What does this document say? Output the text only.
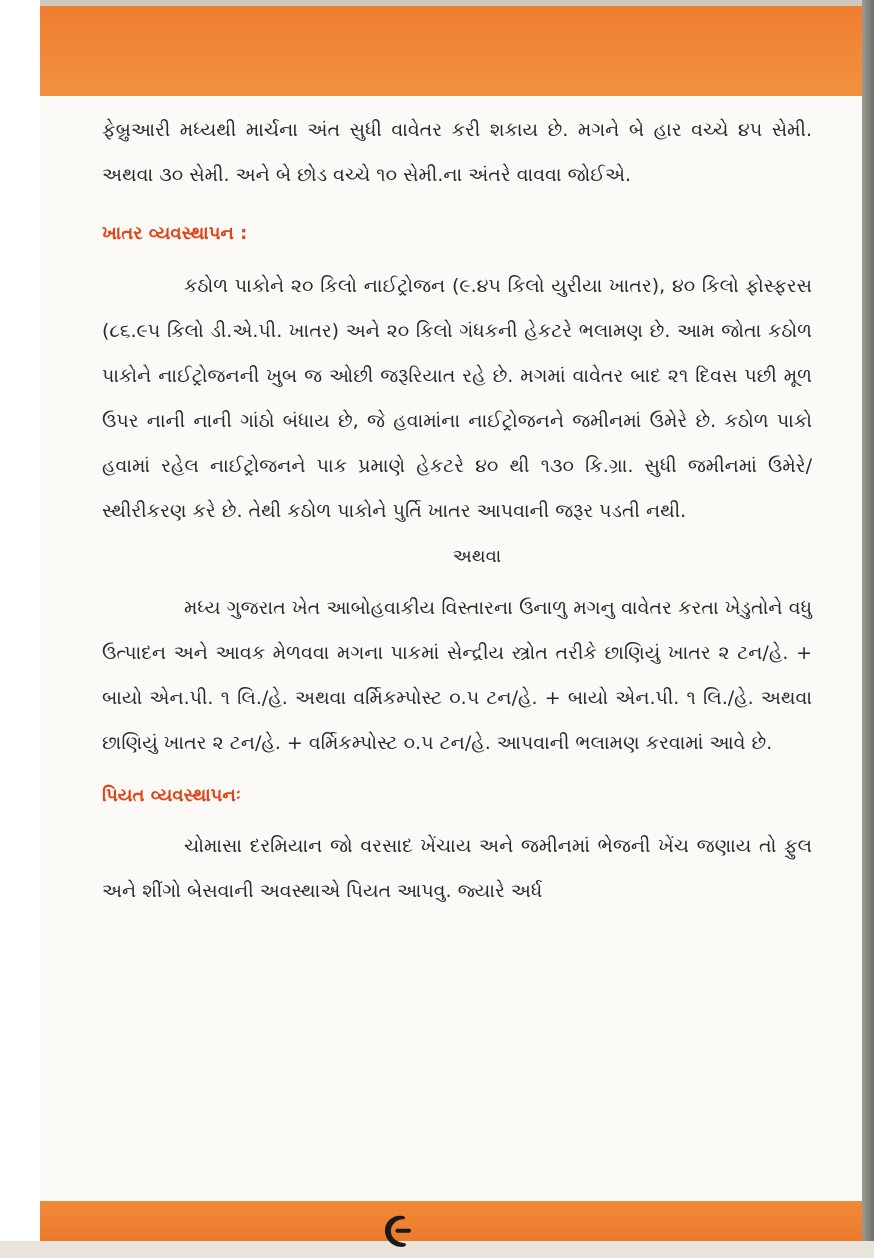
ફેબ્રુઆરી મધ્યથી માર્ચના અંત સુધી વાવેતર કરી શકાય છે. મગને બે હાર વચ્ચે ૪૫ સેમી. અથવા ૩૦ સેમી. અને બે છોડ વચ્ચે ૧૦ સેમી.ના અંતરે વાવવા જોઈએ.

ખાતર વ્યવસ્થાપન :

કઠોળ પાકોને ૨૦ કિલો નાઈટ્રોજન (૯.૪૫ કિલો યુરીયા ખાતર), ૪૦ કિલો ફોસ્ફરસ (૮૬.૯૫ કિલો ડી.એ.પી. ખાતર) અને ૨૦ કિલો ગંધકની હેકટરે ભલામણ છે. આમ જોતા કઠોળ પાકોને નાઈટ્રોજનની ખુબ જ ઓછી જરૂરિયાત રહે છે. મગમાં વાવેતર બાદ ૨૧ દિવસ પછી મૂળ ઉપર નાની નાની ગાંઠો બંધાય છે, જે હવામાંના નાઈટ્રોજનને જમીનમાં ઉમેરે છે. કઠોળ પાકો હવામાં રહેલ નાઈટ્રોજનને પાક પ્રમાણે હેકટરે ૪૦ થી ૧૩૦ કિ.ગ્રા. સુધી જમીનમાં ઉમેરે/ સ્થીરીકરણ કરે છે. તેથી કઠોળ પાકોને પુર્તિ ખાતર આપવાની જરૂર પડતી નથી.

અથવા

મધ્ય ગુજરાત ખેત આબોહવાકીય વિસ્તારના ઉનાળુ મગનુ વાવેતર કરતા ખેડુતોને વધુ ઉત્પાદન અને આવક મેળવવા મગના પાકમાં સેન્દ્રીય સ્ત્રોત તરીકે છાણિયું ખાતર ૨ ટન/હે. + બાયો એન.પી. ૧ લિ./હે. અથવા વર્મિકમ્પોસ્ટ ૦.૫ ટન/હે. + બાયો એન.પી. ૧ લિ./હે. અથવા છાણિયું ખાતર ૨ ટન/હે. + વર્મિકમ્પોસ્ટ ૦.૫ ટન/હે. આપવાની ભલામણ કરવામાં આવે છે.

પિયત વ્યવસ્થાપનઃ

ચોમાસા દરમિયાન જો વરસાદ ખેંચાય અને જમીનમાં ભેજની ખેંચ જણાય તો ફુલ અને શીંગો બેસવાની અવસ્થાએ પિયત આપવુ. જ્યારે અર્ધ

૯
